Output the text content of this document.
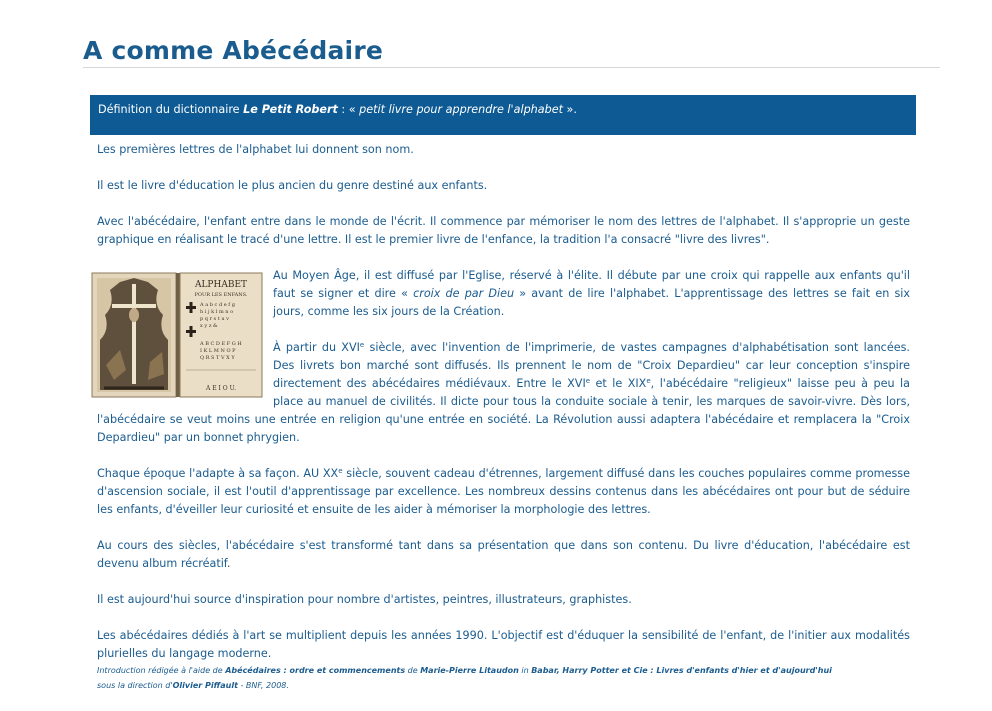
A comme Abécédaire
Définition du dictionnaire Le Petit Robert : « petit livre pour apprendre l'alphabet ».

Les premières lettres de l'alphabet lui donnent son nom.

Il est le livre d'éducation le plus ancien du genre destiné aux enfants.

Avec l'abécédaire, l'enfant entre dans le monde de l'écrit. Il commence par mémoriser le nom des lettres de l'alphabet. Il s'approprie un geste graphique en réalisant le tracé d'une lettre. Il est le premier livre de l'enfance, la tradition l'a consacré "livre des livres".

ALPHABET
POUR LES ENFANS.
A a b c d e f g
h i j k l m n o
p q r s t u v
x y z &
A B C D E F G H
I K L M N O P
Q R S T V X Y
A E I O U.

Au Moyen Âge, il est diffusé par l'Eglise, réservé à l'élite. Il débute par une croix qui rappelle aux enfants qu'il faut se signer et dire « croix de par Dieu » avant de lire l'alphabet. L'apprentissage des lettres se fait en six jours, comme les six jours de la Création.

À partir du XVIe siècle, avec l'invention de l'imprimerie, de vastes campagnes d'alphabétisation sont lancées. Des livrets bon marché sont diffusés. Ils prennent le nom de "Croix Depardieu" car leur conception s'inspire directement des abécédaires médiévaux. Entre le XVIe et le XIXe, l'abécédaire "religieux" laisse peu à peu la place au manuel de civilités. Il dicte pour tous la conduite sociale à tenir, les marques de savoir-vivre. Dès lors, l'abécédaire se veut moins une entrée en religion qu'une entrée en société. La Révolution aussi adaptera l'abécédaire et remplacera la "Croix Depardieu" par un bonnet phrygien.

Chaque époque l'adapte à sa façon. AU XXe siècle, souvent cadeau d'étrennes, largement diffusé dans les couches populaires comme promesse d'ascension sociale, il est l'outil d'apprentissage par excellence. Les nombreux dessins contenus dans les abécédaires ont pour but de séduire les enfants, d'éveiller leur curiosité et ensuite de les aider à mémoriser la morphologie des lettres.

Au cours des siècles, l'abécédaire s'est transformé tant dans sa présentation que dans son contenu. Du livre d'éducation, l'abécédaire est devenu album récréatif.

Il est aujourd'hui source d'inspiration pour nombre d'artistes, peintres, illustrateurs, graphistes.

Les abécédaires dédiés à l'art se multiplient depuis les années 1990. L'objectif est d'éduquer la sensibilité de l'enfant, de l'initier aux modalités plurielles du langage moderne.

Introduction rédigée à l'aide de Abécédaires : ordre et commencements de Marie-Pierre Litaudon in Babar, Harry Potter et Cie : Livres d'enfants d'hier et d'aujourd'hui
sous la direction d'Olivier Piffault - BNF, 2008.
